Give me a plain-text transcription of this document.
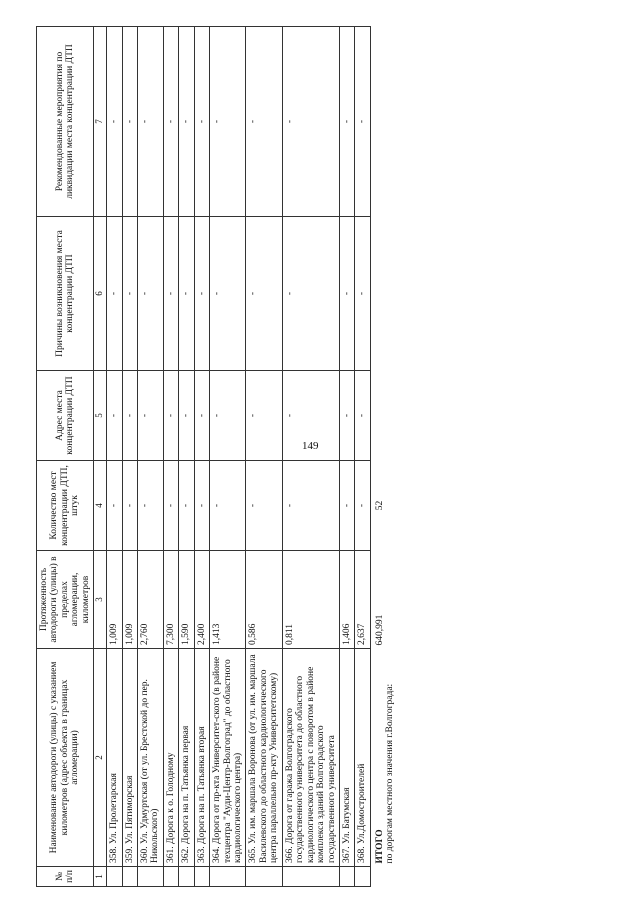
149
№ п/п	Наименование автодороги (улицы) с указанием километров (адрес объекта в границах агломерации)	Протяженность автодороги (улицы) в пределах агломерации, километров	Количество мест концентрации ДТП, штук	Адрес места концентрации ДТП	Причины возникновения места концентрации ДТП	Рекомендованные мероприятия по ликвидации места концентрации ДТП
1	2	3	4	5	6	7
	358. Ул. Пролетарская	1,009	-	-	-	-
	359. Ул. Пятиморская	1,009	-	-	-	-
	360. Ул. Удмуртская (от ул. Брестской до пер. Никольского)	2,760	-	-	-	-
	361. Дорога к о. Голодному	7,300	-	-	-	-
	362. Дорога на п. Татьянка первая	1,590	-	-	-	-
	363. Дорога на п. Татьянка вторая	2,400	-	-	-	-
	364. Дорога от пр-кта Университет-ского (в районе техцентра "Ауди-Центр-Волгоград" до областного кардиологического центра)	1,413	-	-	-	-
	365. Ул. им. маршала Воронова (от ул. им. маршала Василевского до областного кардиологического центра параллельно пр-кту Университетскому)	0,586	-	-	-	-
	366. Дорога от гаража Волгоградского государственного университета до областного кардиологического центра с поворотом в районе комплекса зданий Волгоградского государственного университета	0,811	-	-	-	-
	367. Ул. Батумская	1,406	-	-	-	-
	368. Ул.Домостроителей	2,637	-	-	-	-
	ИТОГО по дорогам местного значения г.Волгограда:	640,991	52			
